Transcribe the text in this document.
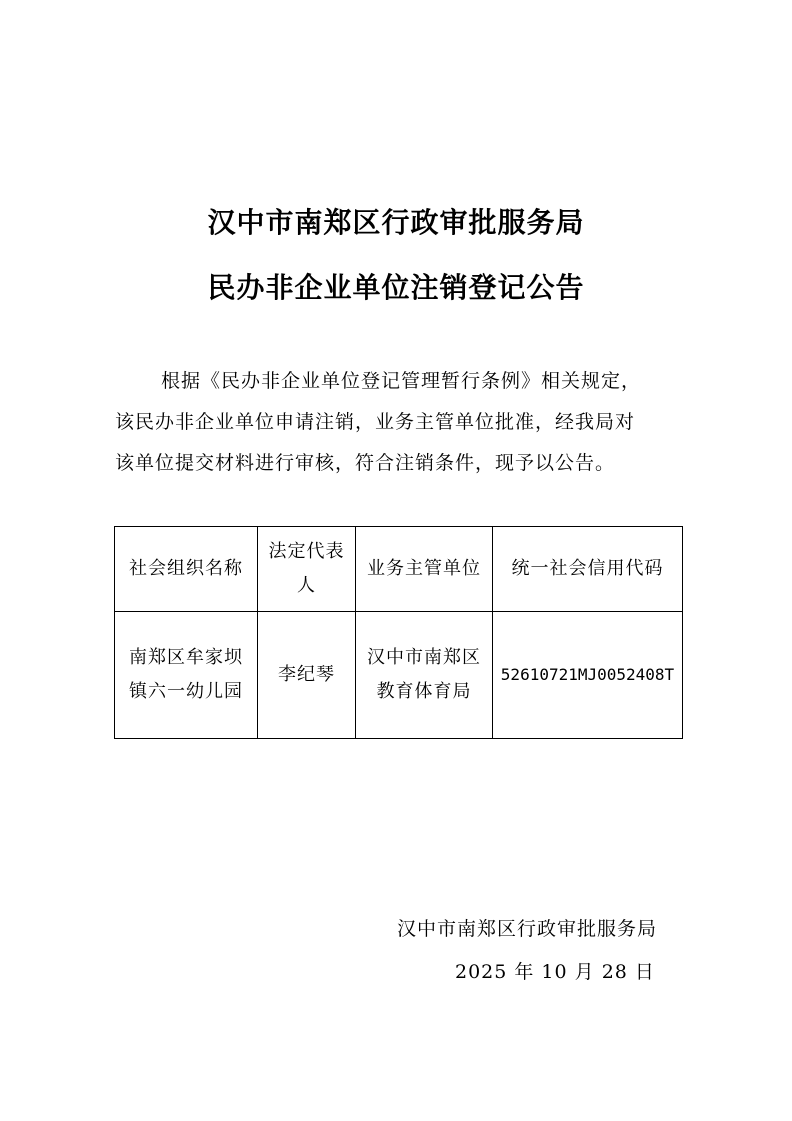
汉中市南郑区行政审批服务局
民办非企业单位注销登记公告
根据《民办非企业单位登记管理暂行条例》相关规定，
该民办非企业单位申请注销，业务主管单位批准，经我局对
该单位提交材料进行审核，符合注销条件，现予以公告。
社会组织名称	法定代表人	业务主管单位	统一社会信用代码
南郑区牟家坝镇六一幼儿园	李纪琴	汉中市南郑区教育体育局	52610721MJ0052408T
汉中市南郑区行政审批服务局
2025 年 10 月 28 日
